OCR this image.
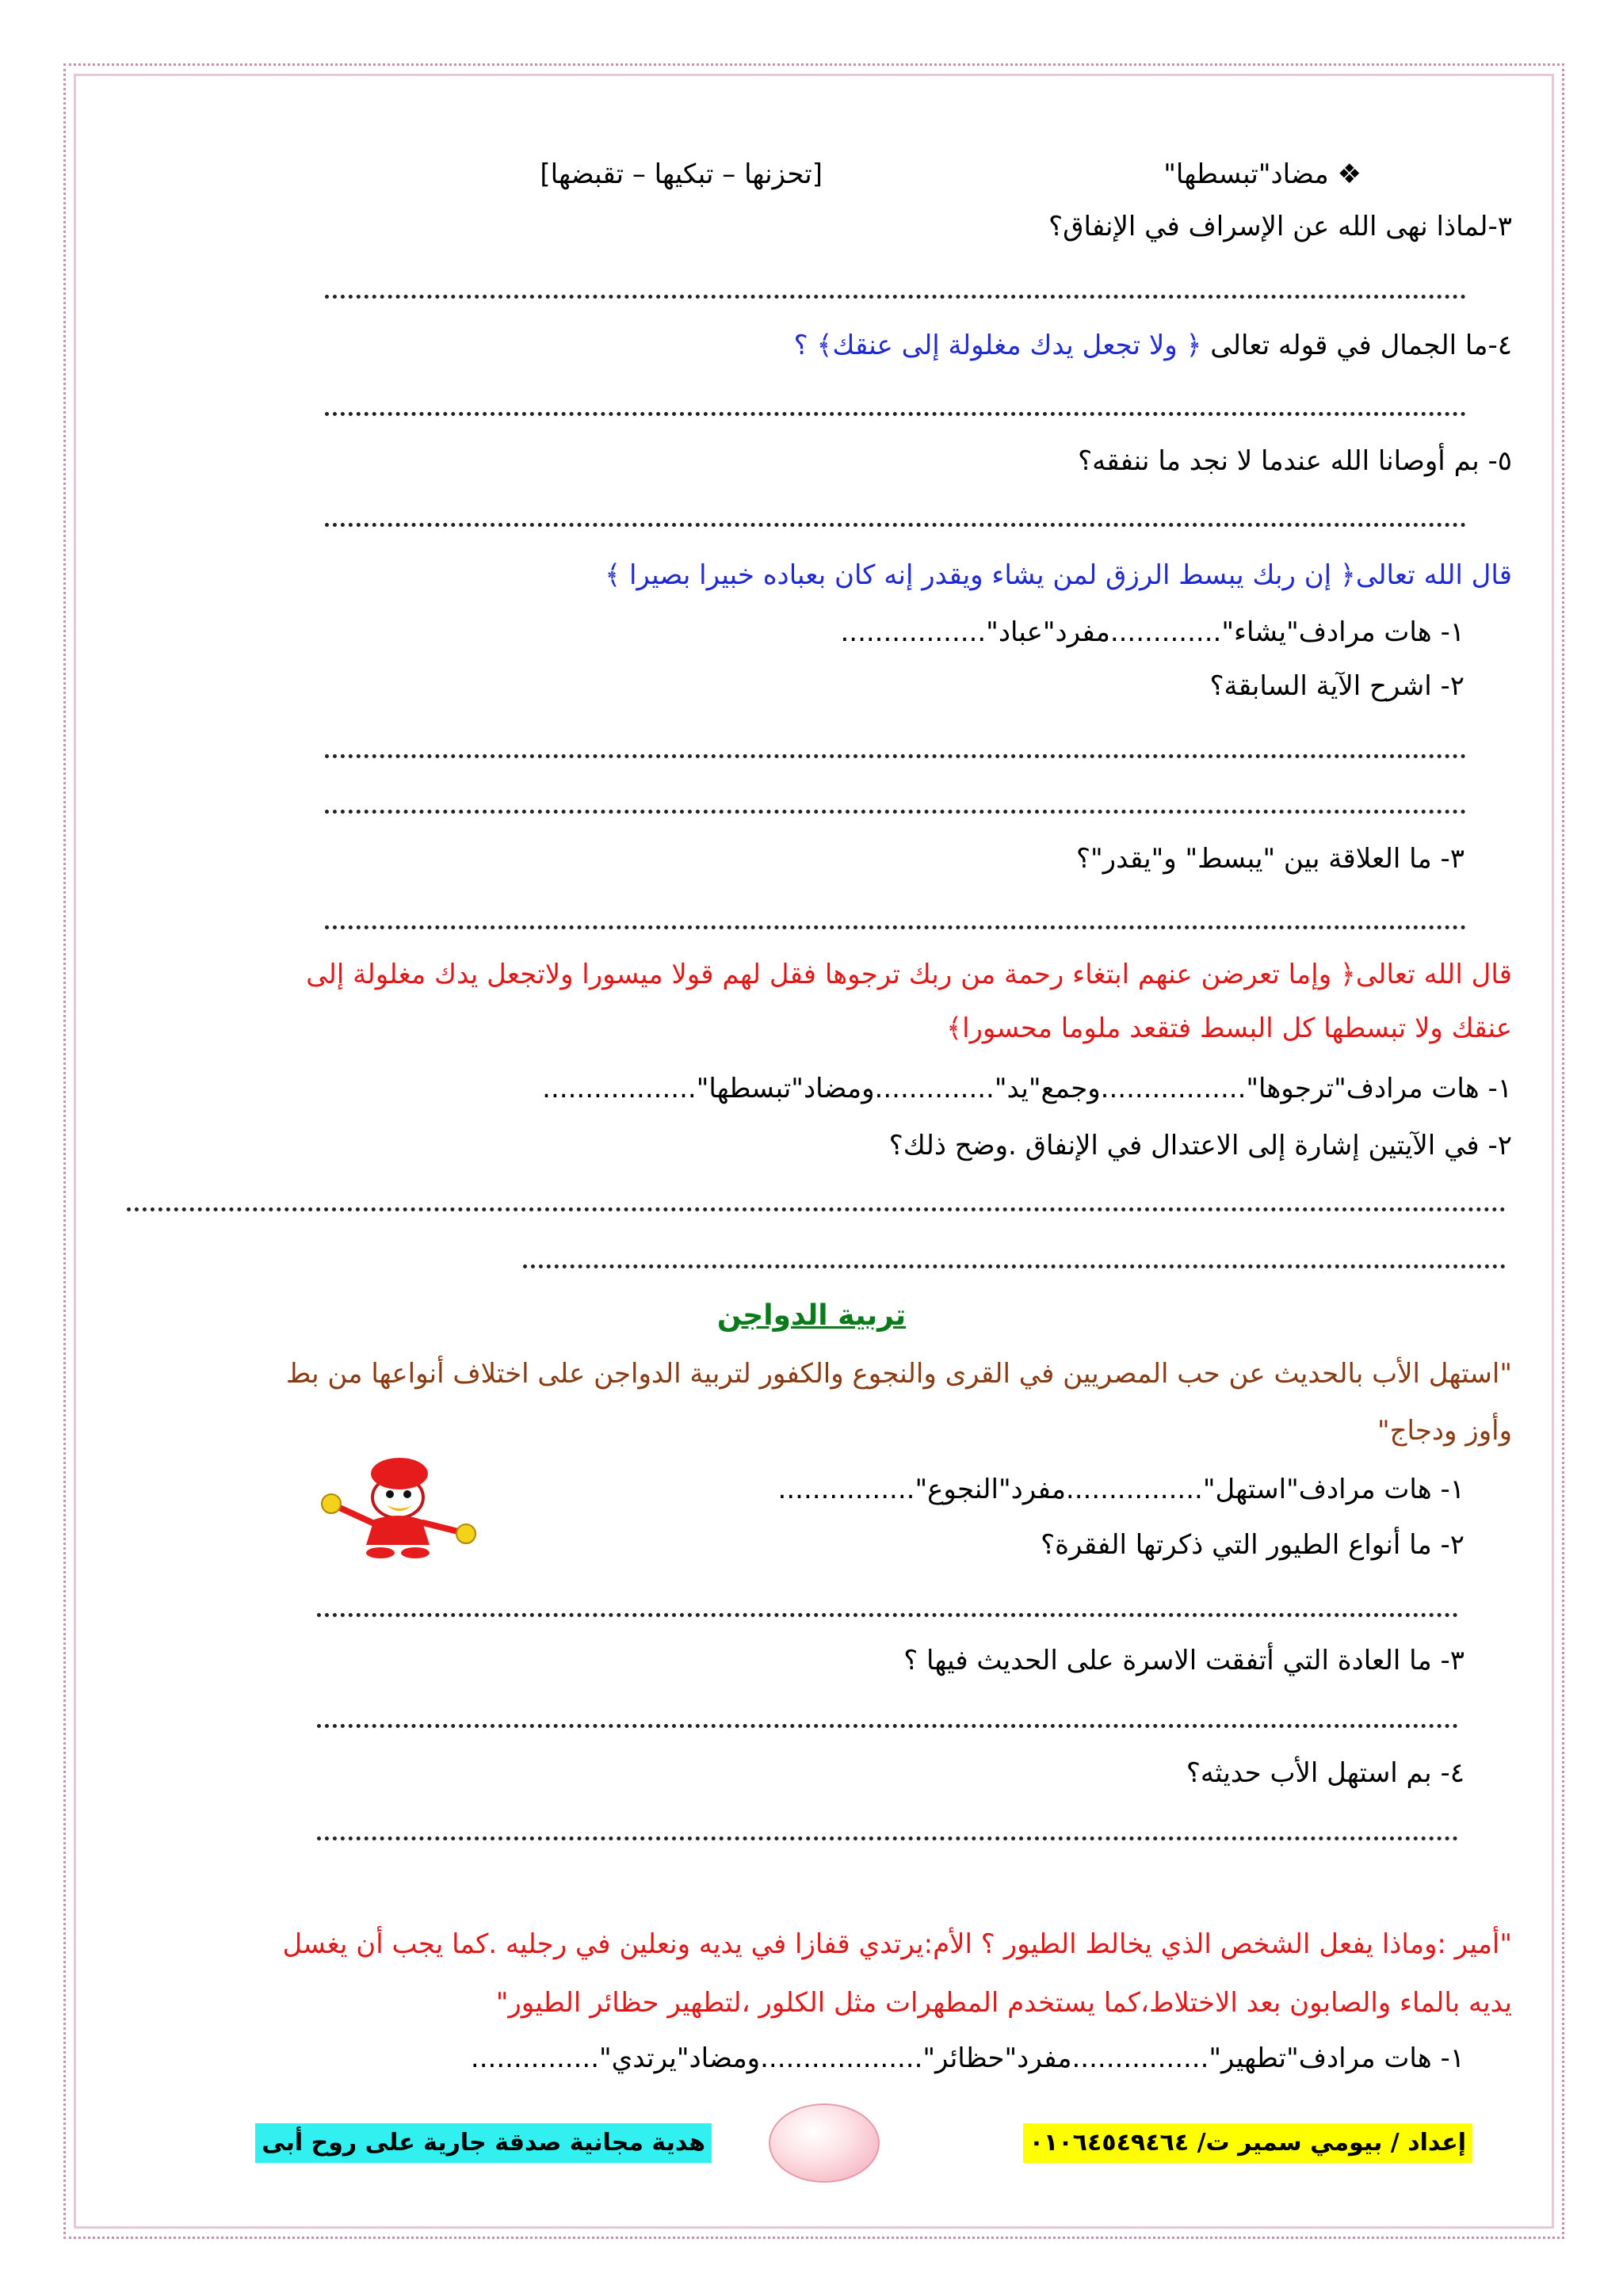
❖ مضاد"تبسطها"
[تحزنها – تبكيها – تقبضها]
٣-لماذا نهى الله عن الإسراف في الإنفاق؟
٤-ما الجمال في قوله تعالى ﴿ ولا تجعل يدك مغلولة إلى عنقك﴾ ؟
٥- بم أوصانا الله عندما لا نجد ما ننفقه؟
قال الله تعالى﴿ إن ربك يبسط الرزق لمن يشاء ويقدر إنه كان بعباده خبيرا بصيرا ﴾
١- هات مرادف"يشاء".............مفرد"عباد".................
٢- اشرح الآية السابقة؟
٣- ما العلاقة بين "يبسط" و"يقدر"؟
قال الله تعالى﴿ وإما تعرضن عنهم ابتغاء رحمة من ربك ترجوها فقل لهم قولا ميسورا ولاتجعل يدك مغلولة إلى
عنقك ولا تبسطها كل البسط فتقعد ملوما محسورا﴾
١- هات مرادف"ترجوها".................وجمع"يد"..............ومضاد"تبسطها"..................
٢- في الآيتين إشارة إلى الاعتدال في الإنفاق .وضح ذلك؟
تربية الدواجن
"استهل الأب بالحديث عن حب المصريين في القرى والنجوع والكفور لتربية الدواجن على اختلاف أنواعها من بط
وأوز ودجاج"
١- هات مرادف"استهل"................مفرد"النجوع"................
٢- ما أنواع الطيور التي ذكرتها الفقرة؟
٣- ما العادة التي أتفقت الاسرة على الحديث فيها ؟
٤- بم استهل الأب حديثه؟
"أمير :وماذا يفعل الشخص الذي يخالط الطيور ؟ الأم:يرتدي قفازا في يديه ونعلين في رجليه .كما يجب أن يغسل
يديه بالماء والصابون بعد الاختلاط،كما يستخدم المطهرات مثل الكلور ،لتطهير حظائر الطيور"
١- هات مرادف"تطهير"................مفرد"حظائر"...................ومضاد"يرتدي"...............
إعداد / بيومي سمير ت/ ٠١٠٦٤٥٤٩٤٦٤
هدية مجانية صدقة جارية على روح أبى
